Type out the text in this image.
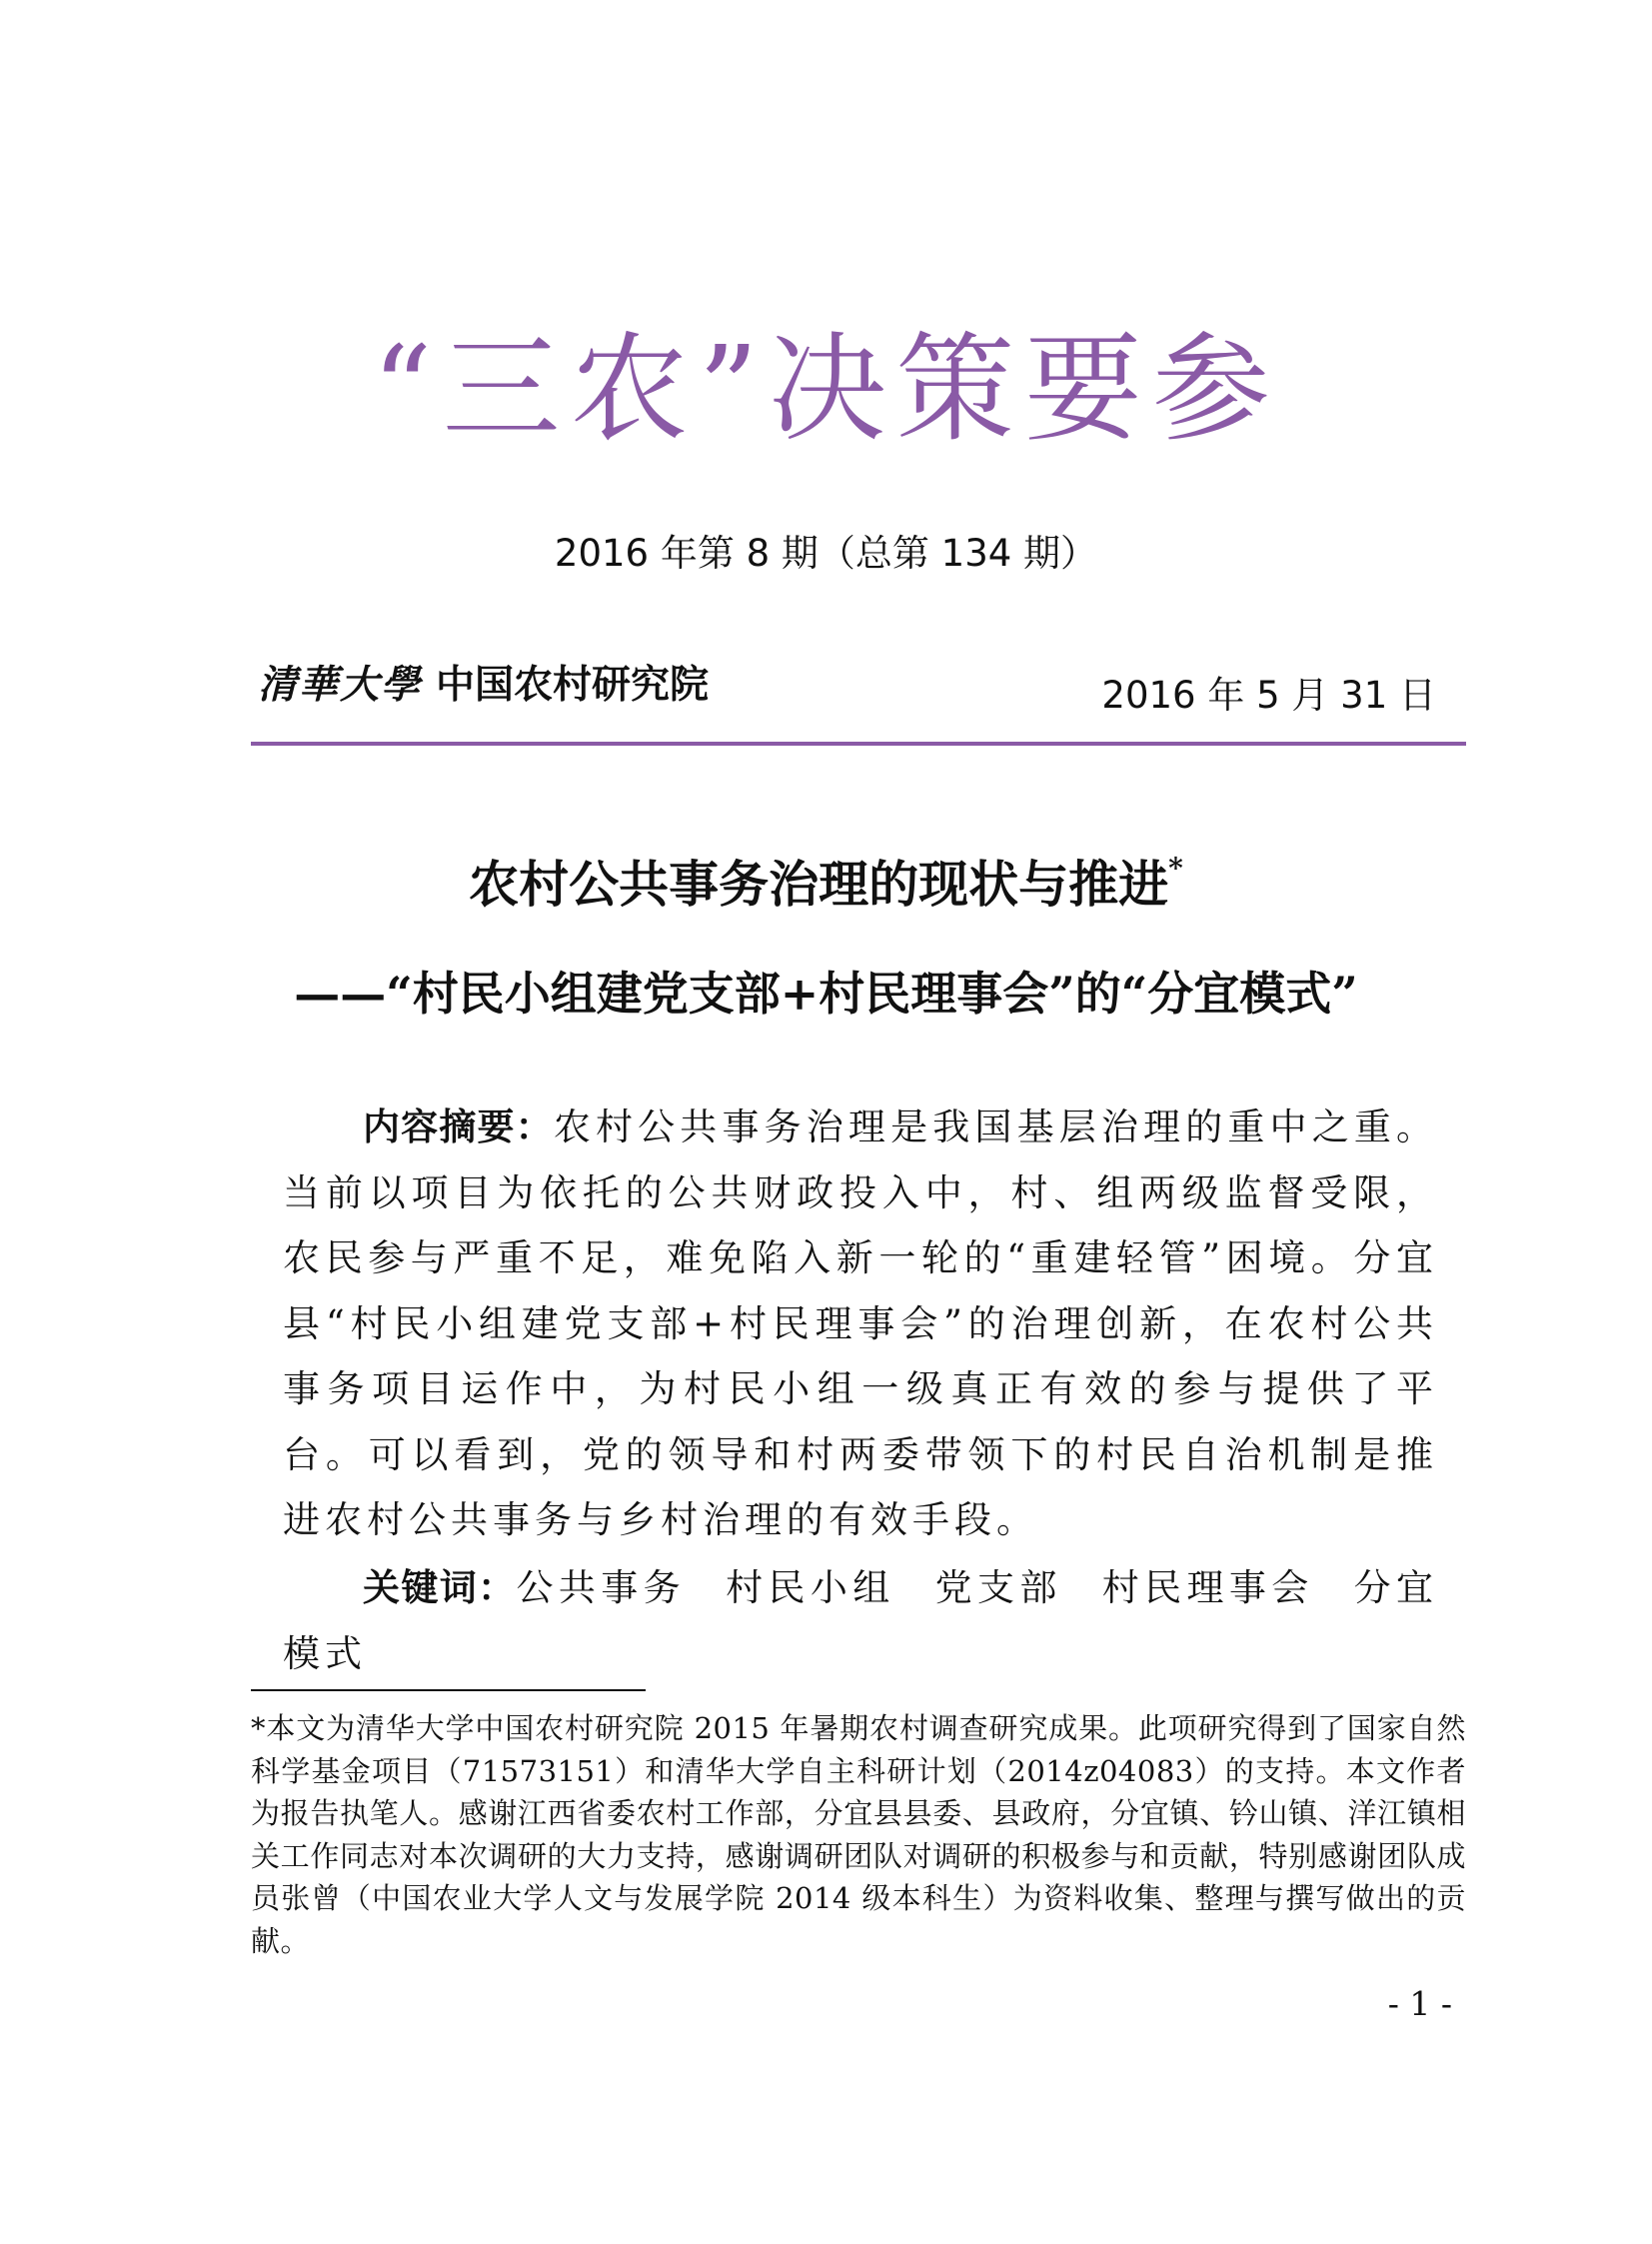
“三农”决策要参
2016 年第 8 期（总第 134 期）
清華大學 中国农村研究院	2016 年 5 月 31 日
农村公共事务治理的现状与推进*
——“村民小组建党支部+村民理事会”的“分宜模式”

内容摘要：农村公共事务治理是我国基层治理的重中之重。当前以项目为依托的公共财政投入中，村、组两级监督受限，农民参与严重不足，难免陷入新一轮的“重建轻管”困境。分宜县“村民小组建党支部+村民理事会”的治理创新，在农村公共事务项目运作中，为村民小组一级真正有效的参与提供了平台。可以看到，党的领导和村两委带领下的村民自治机制是推进农村公共事务与乡村治理的有效手段。

关键词：公共事务 村民小组 党支部 村民理事会 分宜模式

*本文为清华大学中国农村研究院 2015 年暑期农村调查研究成果。此项研究得到了国家自然科学基金项目（71573151）和清华大学自主科研计划（2014z04083）的支持。本文作者为报告执笔人。感谢江西省委农村工作部，分宜县县委、县政府，分宜镇、钤山镇、洋江镇相关工作同志对本次调研的大力支持，感谢调研团队对调研的积极参与和贡献，特别感谢团队成员张曾（中国农业大学人文与发展学院 2014 级本科生）为资料收集、整理与撰写做出的贡献。

- 1 -
